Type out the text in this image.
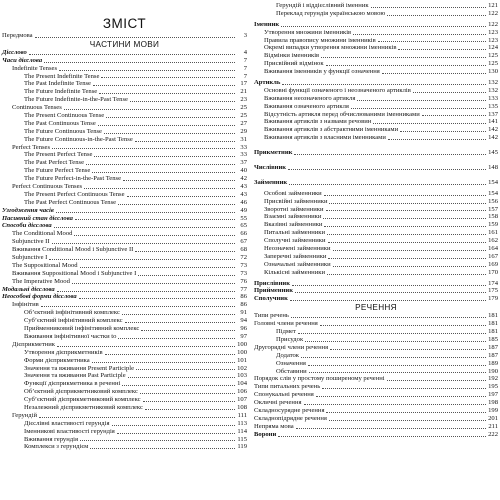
ЗМІСТ
Передмова	3
ЧАСТИНИ МОВИ
Дієслово	4
Часи дієслова	7
Indefinite Tenses	7
The Present Indefinite Tense	7
The Past Indefinite Tense	17
The Future Indefinite Tense	21
The Future Indefinite-in-the-Past Tense	23
Continuous Tenses	25
The Present Continuous Tense	25
The Past Continuous Tense	27
The Future Continuous Tense	29
The Future Continuous-in-the-Past Tense	31
Perfect Tenses	33
The Present Perfect Tense	33
The Past Perfect Tense	37
The Future Perfect Tense	40
The Future Perfect-in-the-Past Tense	42
Perfect Continuous Tenses	43
The Present Perfect Continuous Tense	43
The Past Perfect Continuous Tense	46
Узгодження часів	49
Пасивний стан дієслова	55
Способи дієслова	65
The Conditional Mood	66
Subjunctive II	67
Вживання Conditional Mood і Subjunctive II	68
Subjunctive I	72
The Suppositional Mood	73
Вживання Suppositional Mood і Subjunctive I	73
The Imperative Mood	76
Модальні дієслова	77
Неособові форми дієслова	86
Інфінітив	86
Об’єктний інфінітивний комплекс	91
Суб’єктний інфінітивний комплекс	94
Прийменниковий інфінітивний комплекс	96
Вживання інфінітивної частки to	97
Дієприкметник	100
Утворення дієприкметників	100
Форми дієприкметника	101
Значення та вживання Present Participle	102
Значення та вживання Past Participle	103
Функції дієприкметника в реченні	104
Об’єктний дієприкметниковий комплекс	106
Суб’єктний дієприкметниковий комплекс	107
Незалежний дієприкметниковий комплекс	108
Герундій	111
Дієслівні властивості герундія	113
Іменникові властивості герундія	114
Вживання герундія	115
Комплекси з герундієм	119
Герундій і віддієслівний іменник	121
Переклад герундія українською мовою	122
Іменник	122
Утворення множини іменників	123
Правила правопису множини іменників	123
Окремі випадки утворення множини іменників	124
Відмінки іменників	125
Присвійний відмінок	125
Вживання іменників у функції означення	130
Артикль	132
Основні функції означеного і неозначеного артиклів	132
Вживання неозначеного артикля	133
Вживання означеного артикля	135
Відсутність артикля перед обчислюваними іменниками	137
Вживання артиклів з назвами речовин	141
Вживання артиклів з абстрактними іменниками	142
Вживання артиклів з власними іменниками	142
Прикметник	145
Числівник	148
Займенник	154
Особові займенники	154
Присвійні займенники	156
Зворотні займенники	157
Взаємні займенники	158
Вказівні займенники	159
Питальні займенники	161
Сполучні займенники	162
Неозначені займенники	164
Заперечні займенники	167
Означальні займенники	169
Кількісні займенники	170
Прислівник	174
Прийменник	175
Сполучник	179
РЕЧЕННЯ
Типи речень	181
Головні члени речення	181
Підмет	181
Присудок	185
Другорядні члени речення	187
Додаток	187
Означення	189
Обставини	190
Порядок слів у простому поширеному реченні	192
Типи питальних речень	195
Спонукальні речення	197
Окличні речення	198
Складносурядне речення	199
Складнопідрядне речення	201
Непряма мова	211
Ворони	222
